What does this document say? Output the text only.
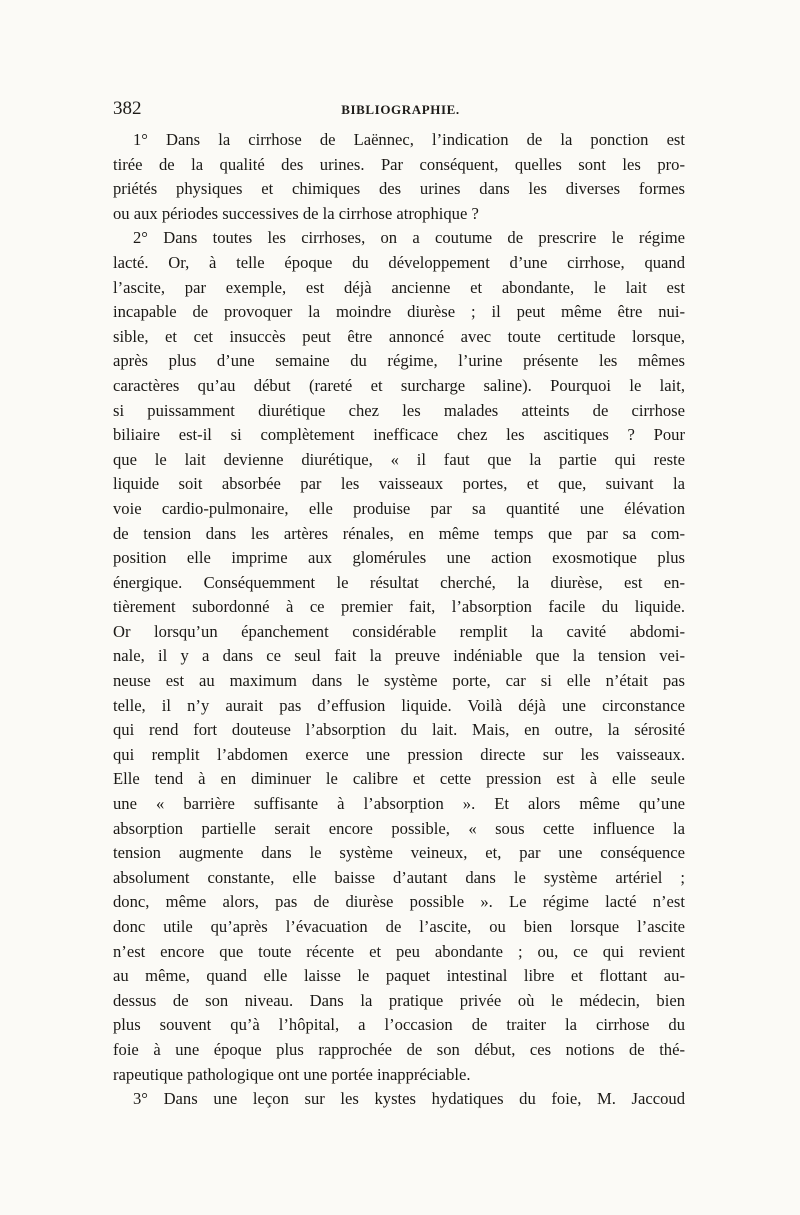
382	BIBLIOGRAPHIE.
1° Dans la cirrhose de Laënnec, l’indication de la ponction est
tirée de la qualité des urines. Par conséquent, quelles sont les pro-
priétés physiques et chimiques des urines dans les diverses formes
ou aux périodes successives de la cirrhose atrophique ?
2° Dans toutes les cirrhoses, on a coutume de prescrire le régime
lacté. Or, à telle époque du développement d’une cirrhose, quand
l’ascite, par exemple, est déjà ancienne et abondante, le lait est
incapable de provoquer la moindre diurèse ; il peut même être nui-
sible, et cet insuccès peut être annoncé avec toute certitude lorsque,
après plus d’une semaine du régime, l’urine présente les mêmes
caractères qu’au début (rareté et surcharge saline). Pourquoi le lait,
si puissamment diurétique chez les malades atteints de cirrhose
biliaire est-il si complètement inefficace chez les ascitiques ? Pour
que le lait devienne diurétique, « il faut que la partie qui reste
liquide soit absorbée par les vaisseaux portes, et que, suivant la
voie cardio-pulmonaire, elle produise par sa quantité une élévation
de tension dans les artères rénales, en même temps que par sa com-
position elle imprime aux glomérules une action exosmotique plus
énergique. Conséquemment le résultat cherché, la diurèse, est en-
tièrement subordonné à ce premier fait, l’absorption facile du liquide.
Or lorsqu’un épanchement considérable remplit la cavité abdomi-
nale, il y a dans ce seul fait la preuve indéniable que la tension vei-
neuse est au maximum dans le système porte, car si elle n’était pas
telle, il n’y aurait pas d’effusion liquide. Voilà déjà une circonstance
qui rend fort douteuse l’absorption du lait. Mais, en outre, la sérosité
qui remplit l’abdomen exerce une pression directe sur les vaisseaux.
Elle tend à en diminuer le calibre et cette pression est à elle seule
une « barrière suffisante à l’absorption ». Et alors même qu’une
absorption partielle serait encore possible, « sous cette influence la
tension augmente dans le système veineux, et, par une conséquence
absolument constante, elle baisse d’autant dans le système artériel ;
donc, même alors, pas de diurèse possible ». Le régime lacté n’est
donc utile qu’après l’évacuation de l’ascite, ou bien lorsque l’ascite
n’est encore que toute récente et peu abondante ; ou, ce qui revient
au même, quand elle laisse le paquet intestinal libre et flottant au-
dessus de son niveau. Dans la pratique privée où le médecin, bien
plus souvent qu’à l’hôpital, a l’occasion de traiter la cirrhose du
foie à une époque plus rapprochée de son début, ces notions de thé-
rapeutique pathologique ont une portée inappréciable.
3° Dans une leçon sur les kystes hydatiques du foie, M. Jaccoud
